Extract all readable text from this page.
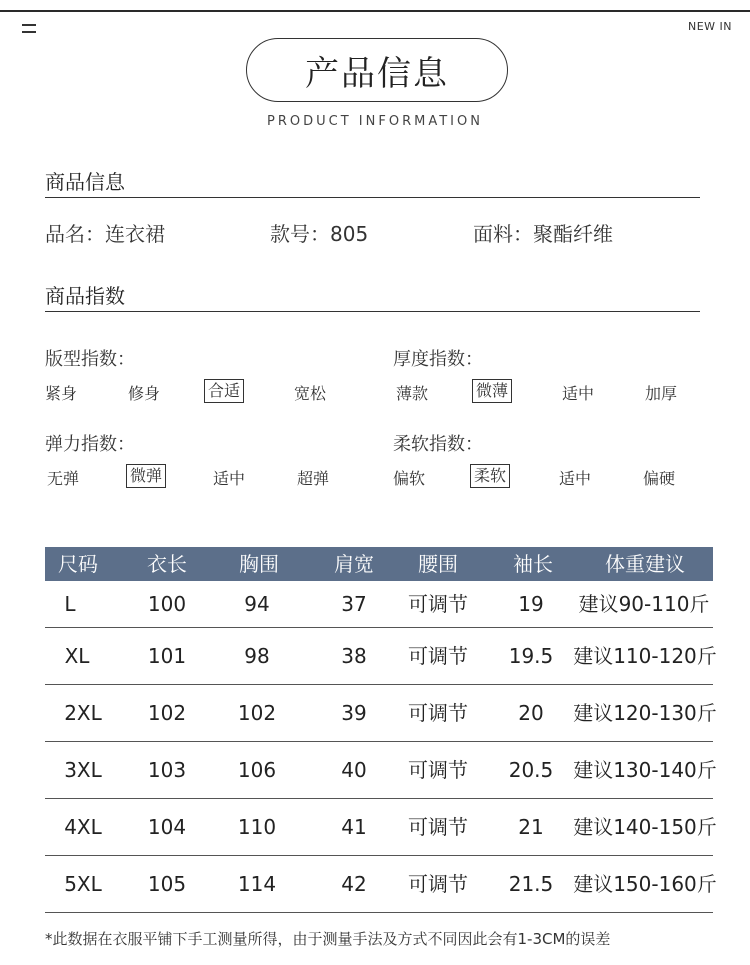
NEW IN
产品信息
PRODUCT INFORMATION
商品信息
品名：连衣裙	款号：805	面料：聚酯纤维
商品指数
版型指数：
紧身	修身	合适	宽松
厚度指数：
薄款	微薄	适中	加厚
弹力指数：
无弹	微弹	适中	超弹
柔软指数：
偏软	柔软	适中	偏硬
尺码 衣长	胸围	肩宽 腰围	袖长	体重建议
L	100	94	37 可调节	19 建议90-110斤
XL	101	98	38 可调节 19.5 建议110-120斤
2XL 102	102	39 可调节	20 建议120-130斤
3XL 103	106	40 可调节 20.5 建议130-140斤
4XL 104	110	41 可调节	21 建议140-150斤
5XL 105	114	42 可调节 21.5 建议150-160斤
*此数据在衣服平铺下手工测量所得，由于测量手法及方式不同因此会有1-3CM的误差
